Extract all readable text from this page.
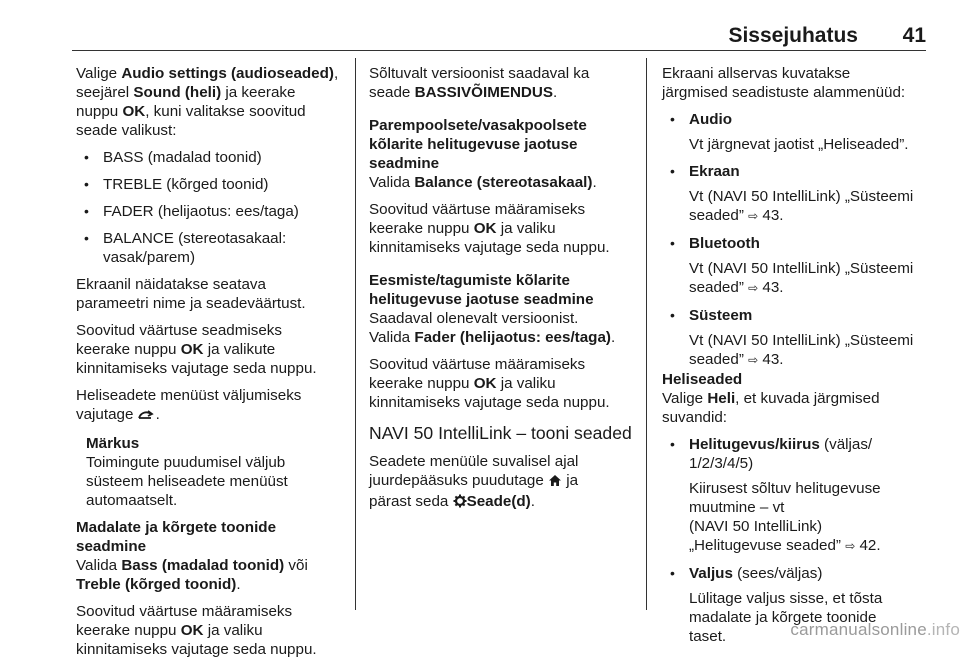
Sissejuhatus 41

Valige Audio settings (audioseaded),
seejärel Sound (heli) ja keerake
nuppu OK, kuni valitakse soovitud
seade valikust:

• BASS (madalad toonid)
• TREBLE (kõrged toonid)
• FADER (helijaotus: ees/taga)
• BALANCE (stereotasakaal:
vasak/parem)

Ekraanil näidatakse seatava
parameetri nime ja seadeväärtust.

Soovitud väärtuse seadmiseks
keerake nuppu OK ja valikute
kinnitamiseks vajutage seda nuppu.

Heliseadete menüüst väljumiseks
vajutage .

Märkus
Toimingute puudumisel väljub
süsteem heliseadete menüüst
automaatselt.

Madalate ja kõrgete toonide
seadmine

Valida Bass (madalad toonid) või
Treble (kõrged toonid).

Soovitud väärtuse määramiseks
keerake nuppu OK ja valiku
kinnitamiseks vajutage seda nuppu.

Sõltuvalt versioonist saadaval ka
seade BASSIVÕIMENDUS.

Parempoolsete/vasakpoolsete
kõlarite helitugevuse jaotuse
seadmine

Valida Balance (stereotasakaal).

Soovitud väärtuse määramiseks
keerake nuppu OK ja valiku
kinnitamiseks vajutage seda nuppu.

Eesmiste/tagumiste kõlarite
helitugevuse jaotuse seadmine

Saadaval olenevalt versioonist.
Valida Fader (helijaotus: ees/taga).

Soovitud väärtuse määramiseks
keerake nuppu OK ja valiku
kinnitamiseks vajutage seda nuppu.

NAVI 50 IntelliLink – tooni seaded

Seadete menüüle suvalisel ajal
juurdepääsuks puudutage  ja
pärast seda Seade(d).

Ekraani allservas kuvatakse
järgmised seadistuste alammenüüd:

• Audio
Vt järgnevat jaotist „Heliseaded”.
• Ekraan
Vt (NAVI 50 IntelliLink) „Süsteemi
seaded” ⇨ 43.
• Bluetooth
Vt (NAVI 50 IntelliLink) „Süsteemi
seaded” ⇨ 43.
• Süsteem
Vt (NAVI 50 IntelliLink) „Süsteemi
seaded” ⇨ 43.
Heliseaded

Valige Heli, et kuvada järgmised
suvandid:

• Helitugevus/kiirus (väljas/
1/2/3/4/5)
Kiirusest sõltuv helitugevuse
muutmine – vt
(NAVI 50 IntelliLink)
„Helitugevuse seaded” ⇨ 42.
• Valjus (sees/väljas)
Lülitage valjus sisse, et tõsta
madalate ja kõrgete toonide
taset.	carmanualsonline.info
